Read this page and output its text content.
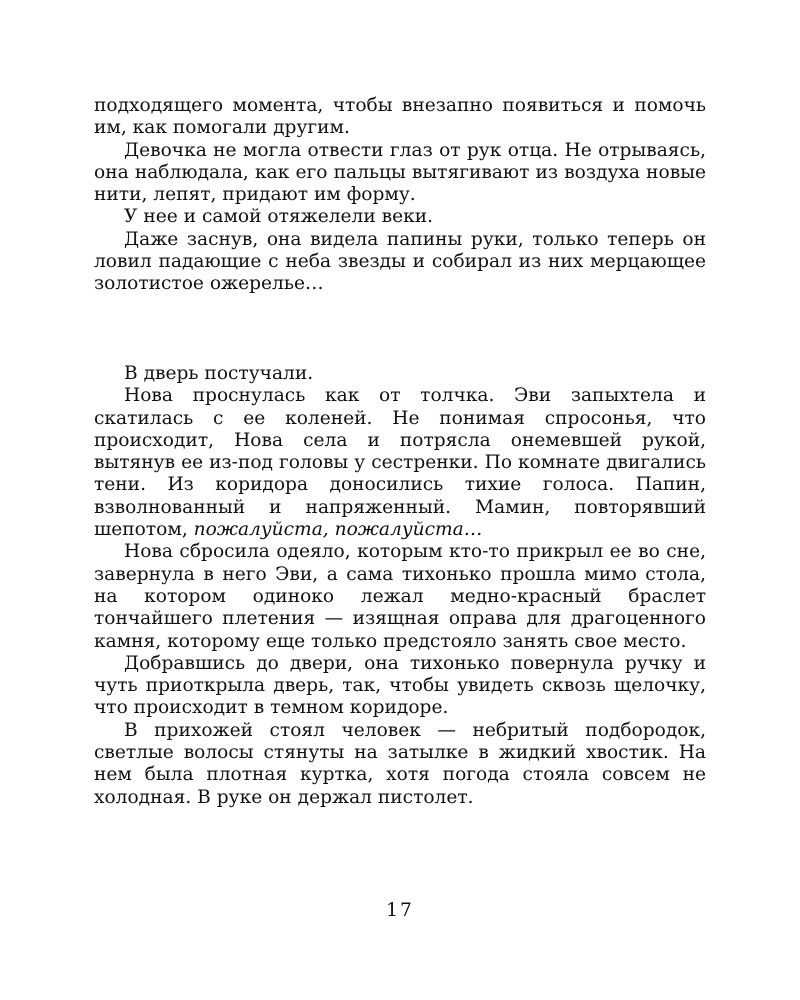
подходящего момента, чтобы внезапно появиться и помочь им, как помогали другим.

Девочка не могла отвести глаз от рук отца. Не отрываясь, она наблюдала, как его пальцы вытягивают из воздуха новые нити, лепят, придают им форму.

У нее и самой отяжелели веки.

Даже заснув, она видела папины руки, только теперь он ловил падающие с неба звезды и собирал из них мерцающее золотистое ожерелье…

В дверь постучали.

Нова проснулась как от толчка. Эви запыхтела и скатилась с ее коленей. Не понимая спросонья, что происходит, Нова села и потрясла онемевшей рукой, вытянув ее из-под головы у сестренки. По комнате двигались тени. Из коридора доносились тихие голоса. Папин, взволнованный и напряженный. Мамин, повторявший шепотом, пожалуйста, пожалуйста…

Нова сбросила одеяло, которым кто-то прикрыл ее во сне, завернула в него Эви, а сама тихонько прошла мимо стола, на котором одиноко лежал медно-красный браслет тончайшего плетения — изящная оправа для драгоценного камня, которому еще только предстояло занять свое место.

Добравшись до двери, она тихонько повернула ручку и чуть приоткрыла дверь, так, чтобы увидеть сквозь щелочку, что происходит в темном коридоре.

В прихожей стоял человек — небритый подбородок, светлые волосы стянуты на затылке в жидкий хвостик. На нем была плотная куртка, хотя погода стояла совсем не холодная. В руке он держал пистолет.

17
